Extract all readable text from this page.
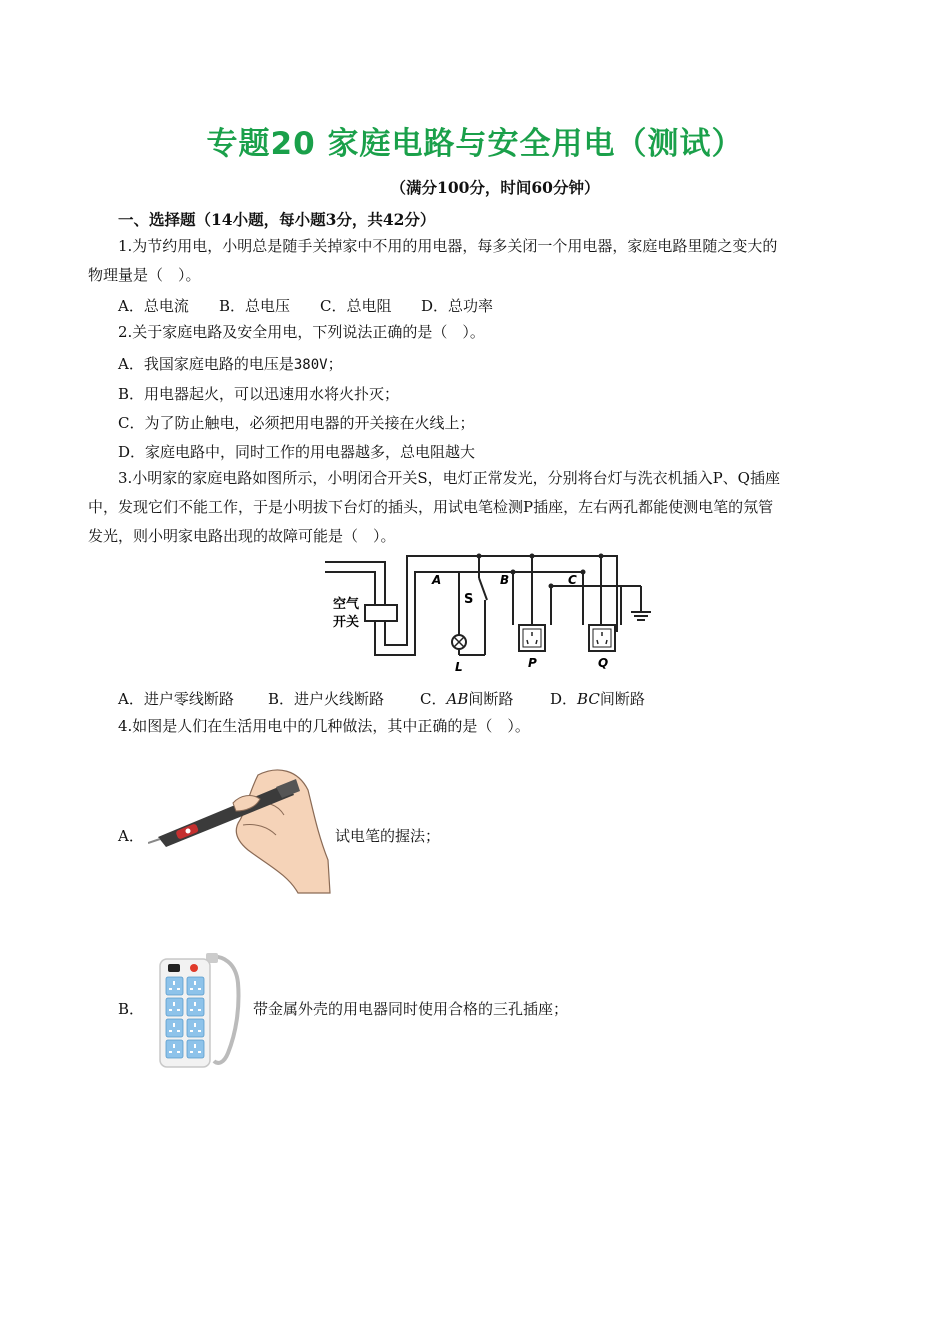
专题20 家庭电路与安全用电（测试）
（满分100分，时间60分钟）
一、选择题（14小题，每小题3分，共42分）
1.为节约用电，小明总是随手关掉家中不用的用电器，每多关闭一个用电器，家庭电路里随之变大的
物理量是（　）。
A．总电流 B．总电压 C．总电阻 D．总功率
2.关于家庭电路及安全用电，下列说法正确的是（　）。
A．我国家庭电路的电压是380V；
B．用电器起火，可以迅速用水将火扑灭；
C．为了防止触电，必须把用电器的开关接在火线上；
D．家庭电路中，同时工作的用电器越多，总电阻越大
3.小明家的家庭电路如图所示，小明闭合开关S，电灯正常发光，分别将台灯与洗衣机插入P、Q插座
中，发现它们不能工作，于是小明拔下台灯的插头，用试电笔检测P插座，左右两孔都能使测电笔的氖管
发光，则小明家电路出现的故障可能是（　）。
空气
开关
A	B	C
S
L	P	Q
A．进户零线断路 B．进户火线断路 C．AB间断路 D．BC间断路
4.如图是人们在生活用电中的几种做法，其中正确的是（　）。
A．	试电笔的握法；
B．	带金属外壳的用电器同时使用合格的三孔插座；
